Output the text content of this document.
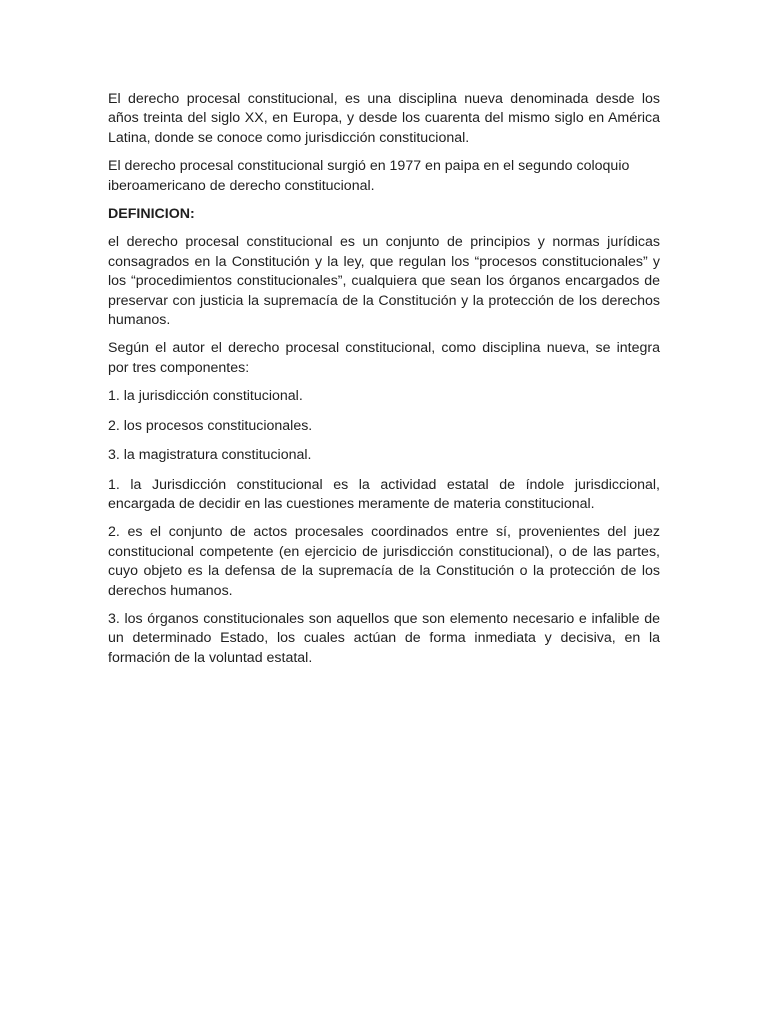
El derecho procesal constitucional, es una disciplina nueva denominada desde los años treinta del siglo XX, en Europa, y desde los cuarenta del mismo siglo en América Latina, donde se conoce como jurisdicción constitucional.

El derecho procesal constitucional surgió en 1977 en paipa en el segundo coloquio iberoamericano de derecho constitucional.

DEFINICION:

el derecho procesal constitucional es un conjunto de principios y normas jurídicas consagrados en la Constitución y la ley, que regulan los “procesos constitucionales” y los “procedimientos constitucionales”, cualquiera que sean los órganos encargados de preservar con justicia la supremacía de la Constitución y la protección de los derechos humanos.

Según el autor el derecho procesal constitucional, como disciplina nueva, se integra por tres componentes:

1. la jurisdicción constitucional.

2. los procesos constitucionales.

3. la magistratura constitucional.

1. la Jurisdicción constitucional es la actividad estatal de índole jurisdiccional, encargada de decidir en las cuestiones meramente de materia constitucional.

2. es el conjunto de actos procesales coordinados entre sí, provenientes del juez constitucional competente (en ejercicio de jurisdicción constitucional), o de las partes, cuyo objeto es la defensa de la supremacía de la Constitución o la protección de los derechos humanos.

3. los órganos constitucionales son aquellos que son elemento necesario e infalible de un determinado Estado, los cuales actúan de forma inmediata y decisiva, en la formación de la voluntad estatal.
